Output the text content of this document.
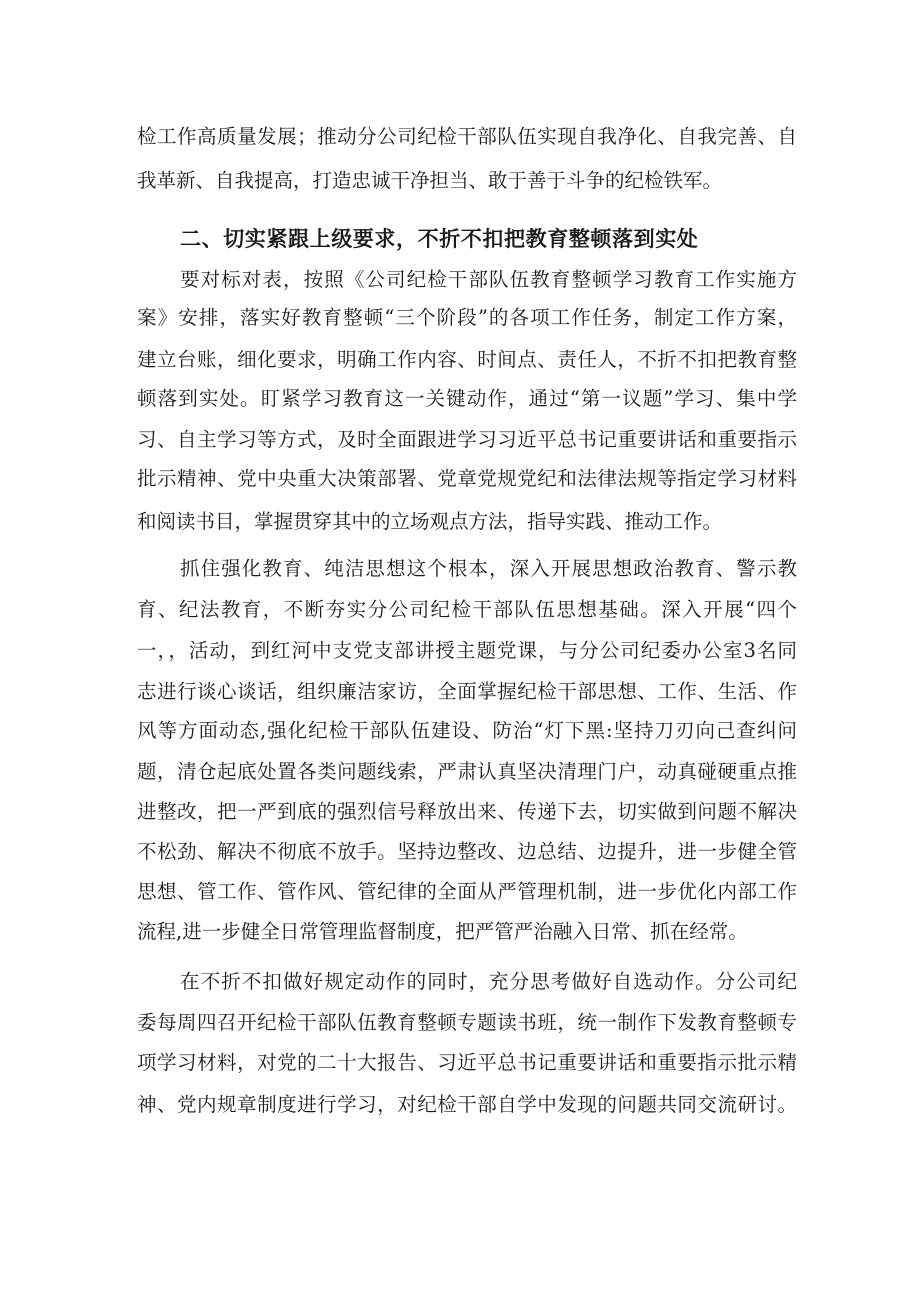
检工作高质量发展；推动分公司纪检干部队伍实现自我净化、自我完善、自
我革新、自我提高，打造忠诚干净担当、敢于善于斗争的纪检铁军。
二、切实紧跟上级要求，不折不扣把教育整顿落到实处
要对标对表，按照《公司纪检干部队伍教育整顿学习教育工作实施方
案》安排，落实好教育整顿“三个阶段”的各项工作任务，制定工作方案，
建立台账，细化要求，明确工作内容、时间点、责任人，不折不扣把教育整
顿落到实处。盯紧学习教育这一关键动作，通过“第一议题”学习、集中学
习、自主学习等方式，及时全面跟进学习习近平总书记重要讲话和重要指示
批示精神、党中央重大决策部署、党章党规党纪和法律法规等指定学习材料
和阅读书目，掌握贯穿其中的立场观点方法，指导实践、推动工作。
抓住强化教育、纯洁思想这个根本，深入开展思想政治教育、警示教
育、纪法教育，不断夯实分公司纪检干部队伍思想基础。深入开展“四个
一，，活动，到红河中支党支部讲授主题党课，与分公司纪委办公室3名同
志进行谈心谈话，组织廉洁家访，全面掌握纪检干部思想、工作、生活、作
风等方面动态,强化纪检干部队伍建设、防治“灯下黑:坚持刀刃向己查纠问
题，清仓起底处置各类问题线索，严肃认真坚决清理门户，动真碰硬重点推
进整改，把一严到底的强烈信号释放出来、传递下去，切实做到问题不解决
不松劲、解决不彻底不放手。坚持边整改、边总结、边提升，进一步健全管
思想、管工作、管作风、管纪律的全面从严管理机制，进一步优化内部工作
流程,进一步健全日常管理监督制度，把严管严治融入日常、抓在经常。
在不折不扣做好规定动作的同时，充分思考做好自选动作。分公司纪
委每周四召开纪检干部队伍教育整顿专题读书班，统一制作下发教育整顿专
项学习材料，对党的二十大报告、习近平总书记重要讲话和重要指示批示精
神、党内规章制度进行学习，对纪检干部自学中发现的问题共同交流研讨。
